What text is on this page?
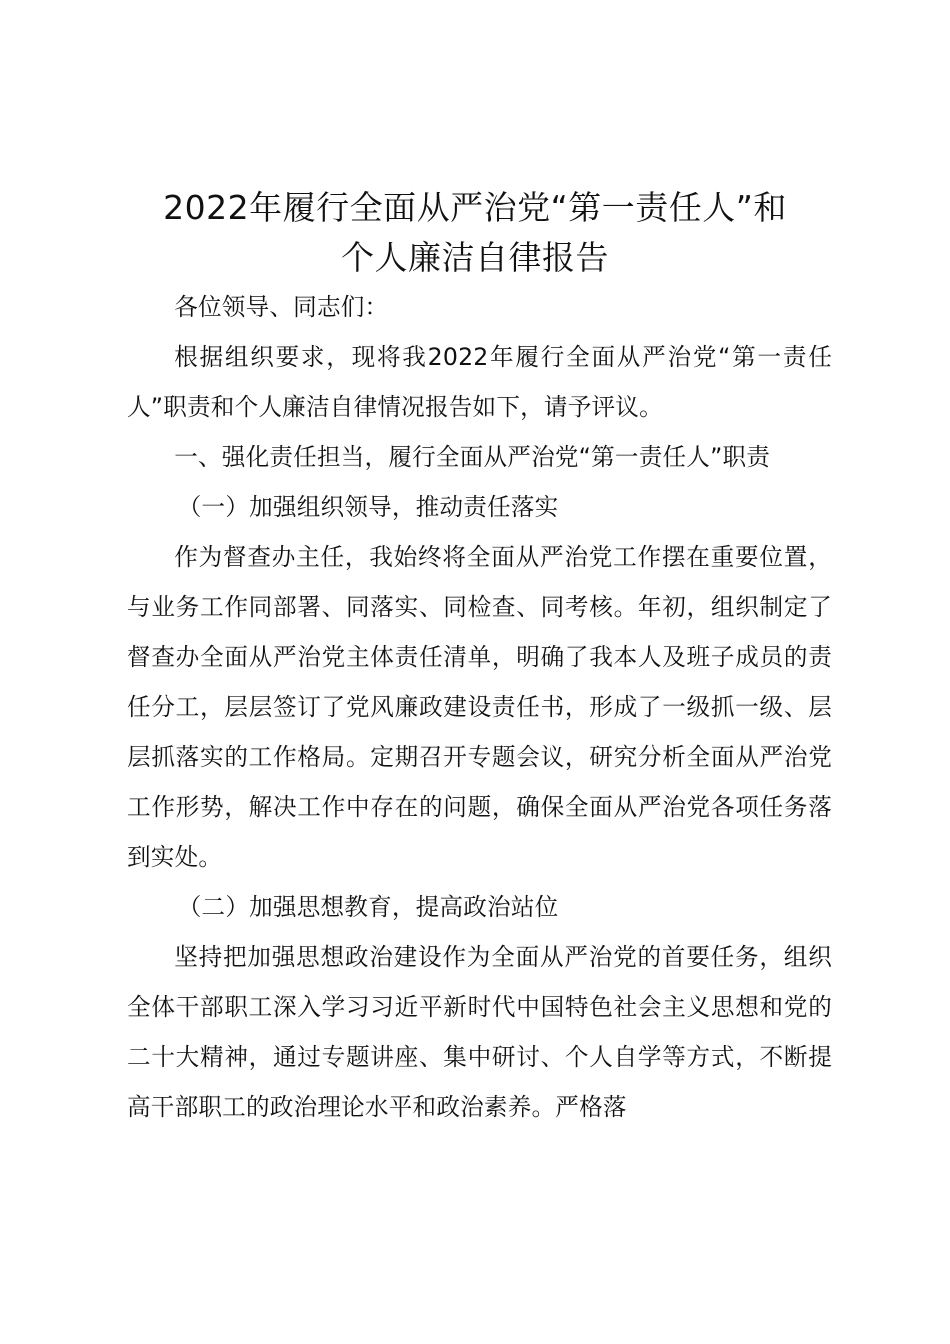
2022年履行全面从严治党“第一责任人”和
个人廉洁自律报告

各位领导、同志们：

根据组织要求，现将我2022年履行全面从严治党“第一责任人”职责和个人廉洁自律情况报告如下，请予评议。

一、强化责任担当，履行全面从严治党“第一责任人”职责

（一）加强组织领导，推动责任落实

作为督查办主任，我始终将全面从严治党工作摆在重要位置，与业务工作同部署、同落实、同检查、同考核。年初，组织制定了督查办全面从严治党主体责任清单，明确了我本人及班子成员的责任分工，层层签订了党风廉政建设责任书，形成了一级抓一级、层层抓落实的工作格局。定期召开专题会议，研究分析全面从严治党工作形势，解决工作中存在的问题，确保全面从严治党各项任务落到实处。

（二）加强思想教育，提高政治站位

坚持把加强思想政治建设作为全面从严治党的首要任务，组织全体干部职工深入学习习近平新时代中国特色社会主义思想和党的二十大精神，通过专题讲座、集中研讨、个人自学等方式，不断提高干部职工的政治理论水平和政治素养。严格落
